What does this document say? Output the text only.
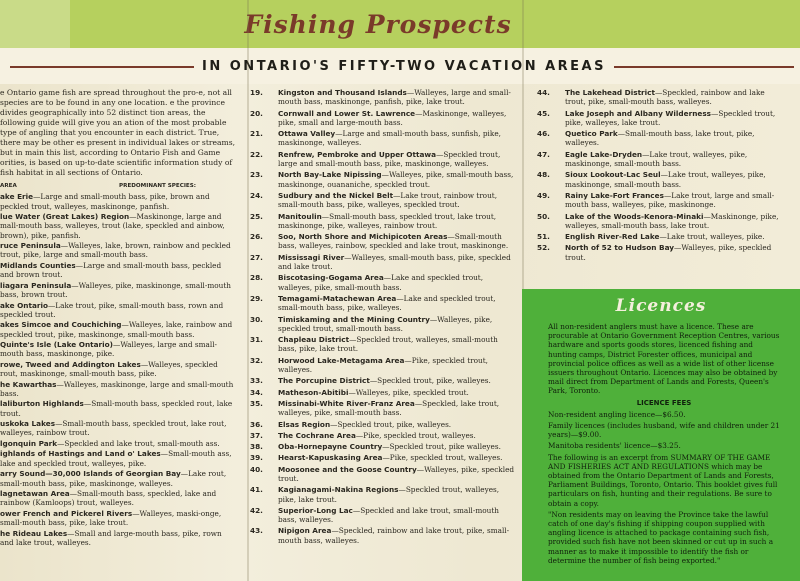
Fishing Prospects
IN ONTARIO'S FIFTY-TWO VACATION AREAS

e Ontario game fish are spread throughout the pro-e, not all species are to be found in any one location. e the province divides geographically into 52 distinct tion areas, the following guide will give you an ation of the most probable type of angling that you encounter in each district. True, there may be other es present in individual lakes or streams, but in main this list, according to Ontario Fish and Game orities, is based on up-to-date scientific information study of fish habitat in all sections of Ontario.

AREA	PREDOMINANT SPECIES:

ake Erie—Large and small-mouth bass, pike, brown and peckled trout, walleyes, maskinonge, panfish.

lue Water (Great Lakes) Region—Maskinonge, large and mall-mouth bass, walleyes, trout (lake, speckled and ainbow, brown), pike, panfish.

ruce Peninsula—Walleyes, lake, brown, rainbow and peckled trout, pike, large and small-mouth bass.

Midlands Counties—Large and small-mouth bass, peckled and brown trout.

liagara Peninsula—Walleyes, pike, maskinonge, small-mouth bass, brown trout.

ake Ontario—Lake trout, pike, small-mouth bass, rown and speckled trout.

akes Simcoe and Couchiching—Walleyes, lake, rainbow and speckled trout, pike, maskinonge, small-mouth bass.

Quinte's Isle (Lake Ontario)—Walleyes, large and small-mouth bass, maskinonge, pike.

rowe, Tweed and Addington Lakes—Walleyes, speckled rout, maskinonge, small-mouth bass, pike.

he Kawarthas—Walleyes, maskinonge, large and small-mouth bass.

laliburton Highlands—Small-mouth bass, speckled rout, lake trout.

uskoka Lakes—Small-mouth bass, speckled trout, lake rout, walleyes, rainbow trout.

lgonquin Park—Speckled and lake trout, small-mouth ass.

ighlands of Hastings and Land o' Lakes—Small-mouth ass, lake and speckled trout, walleyes, pike.

arry Sound—30,000 Islands of Georgian Bay—Lake rout, small-mouth bass, pike, maskinonge, walleyes.

lagnetawan Area—Small-mouth bass, speckled, lake and rainbow (Kamloops) trout, walleyes.

ower French and Pickerel Rivers—Walleyes, maski-onge, small-mouth bass, pike, lake trout.

he Rideau Lakes—Small and large-mouth bass, pike, rown and lake trout, walleyes.

19. Kingston and Thousand Islands—Walleyes, large and small-mouth bass, maskinonge, panfish, pike, lake trout.

20. Cornwall and Lower St. Lawrence—Maskinonge, walleyes, pike, small and large-mouth bass.

21. Ottawa Valley—Large and small-mouth bass, sunfish, pike, maskinonge, walleyes.

22. Renfrew, Pembroke and Upper Ottawa—Speckled trout, large and small-mouth bass, pike, maskinonge, walleyes.

23. North Bay-Lake Nipissing—Walleyes, pike, small-mouth bass, maskinonge, ouananiche, speckled trout.

24. Sudbury and the Nickel Belt—Lake trout, rainbow trout, small-mouth bass, pike, walleyes, speckled trout.

25. Manitoulin—Small-mouth bass, speckled trout, lake trout, maskinonge, pike, walleyes, rainbow trout.

26. Soo, North Shore and Michipicoten Areas—Small-mouth bass, walleyes, rainbow, speckled and lake trout, maskinonge.

27. Mississagi River—Walleyes, small-mouth bass, pike, speckled and lake trout.

28. Biscotasing-Gogama Area—Lake and speckled trout, walleyes, pike, small-mouth bass.

29. Temagami-Matachewan Area—Lake and speckled trout, small-mouth bass, pike, walleyes.

30. Timiskaming and the Mining Country—Walleyes, pike, speckled trout, small-mouth bass.

31. Chapleau District—Speckled trout, walleyes, small-mouth bass, pike, lake trout.

32. Horwood Lake-Metagama Area—Pike, speckled trout, walleyes.

33. The Porcupine District—Speckled trout, pike, walleyes.

34. Matheson-Abitibi—Walleyes, pike, speckled trout.

35. Missinabi-White River-Franz Area—Speckled, lake trout, walleyes, pike, small-mouth bass.

36. Elsas Region—Speckled trout, pike, walleyes.

37. The Cochrane Area—Pike, speckled trout, walleyes.

38. Oba-Hornepayne Country—Speckled trout, pike walleyes.

39. Hearst-Kapuskasing Area—Pike, speckled trout, walleyes.

40. Moosonee and the Goose Country—Walleyes, pike, speckled trout.

41. Kagianagami-Nakina Regions—Speckled trout, walleyes, pike, lake trout.

42. Superior-Long Lac—Speckled and lake trout, small-mouth bass, walleyes.

43. Nipigon Area—Speckled, rainbow and lake trout, pike, small-mouth bass, walleyes.

44. The Lakehead District—Speckled, rainbow and lake trout, pike, small-mouth bass, walleyes.

45. Lake Joseph and Albany Wilderness—Speckled trout, pike, walleyes, lake trout.

46. Quetico Park—Small-mouth bass, lake trout, pike, walleyes.

47. Eagle Lake-Dryden—Lake trout, walleyes, pike, maskinonge, small-mouth bass.

48. Sioux Lookout-Lac Seul—Lake trout, walleyes, pike, maskinonge, small-mouth bass.

49. Rainy Lake-Fort Frances—Lake trout, large and small-mouth bass, walleyes, pike, maskinonge.

50. Lake of the Woods-Kenora-Minaki—Maskinonge, pike, walleyes, small-mouth bass, lake trout.

51. English River-Red Lake—Lake trout, walleyes, pike.

52. North of 52 to Hudson Bay—Walleyes, pike, speckled trout.

Licences

All non-resident anglers must have a licence. These are procurable at Ontario Government Reception Centres, various hardware and sports goods stores, licenced fishing and hunting camps, District Forester offices, municipal and provincial police offices as well as a wide list of other license issuers throughout Ontario. Licences may also be obtained by mail direct from Department of Lands and Forests, Queen's Park, Toronto.

LICENCE FEES

Non-resident angling licence—$6.50.

Family licences (includes husband, wife and children under 21 years)—$9.00.

Manitoba residents' licence—$3.25.

The following is an excerpt from SUMMARY OF THE GAME AND FISHERIES ACT AND REGULATIONS which may be obtained from the Ontario Department of Lands and Forests, Parliament Buildings, Toronto, Ontario. This booklet gives full particulars on fish, hunting and their regulations. Be sure to obtain a copy.

"Non residents may on leaving the Province take the lawful catch of one day's fishing if shipping coupon supplied with angling licence is attached to package containing such fish, provided such fish have not been skinned or cut up in such a manner as to make it impossible to identify the fish or determine the number of fish being exported."
